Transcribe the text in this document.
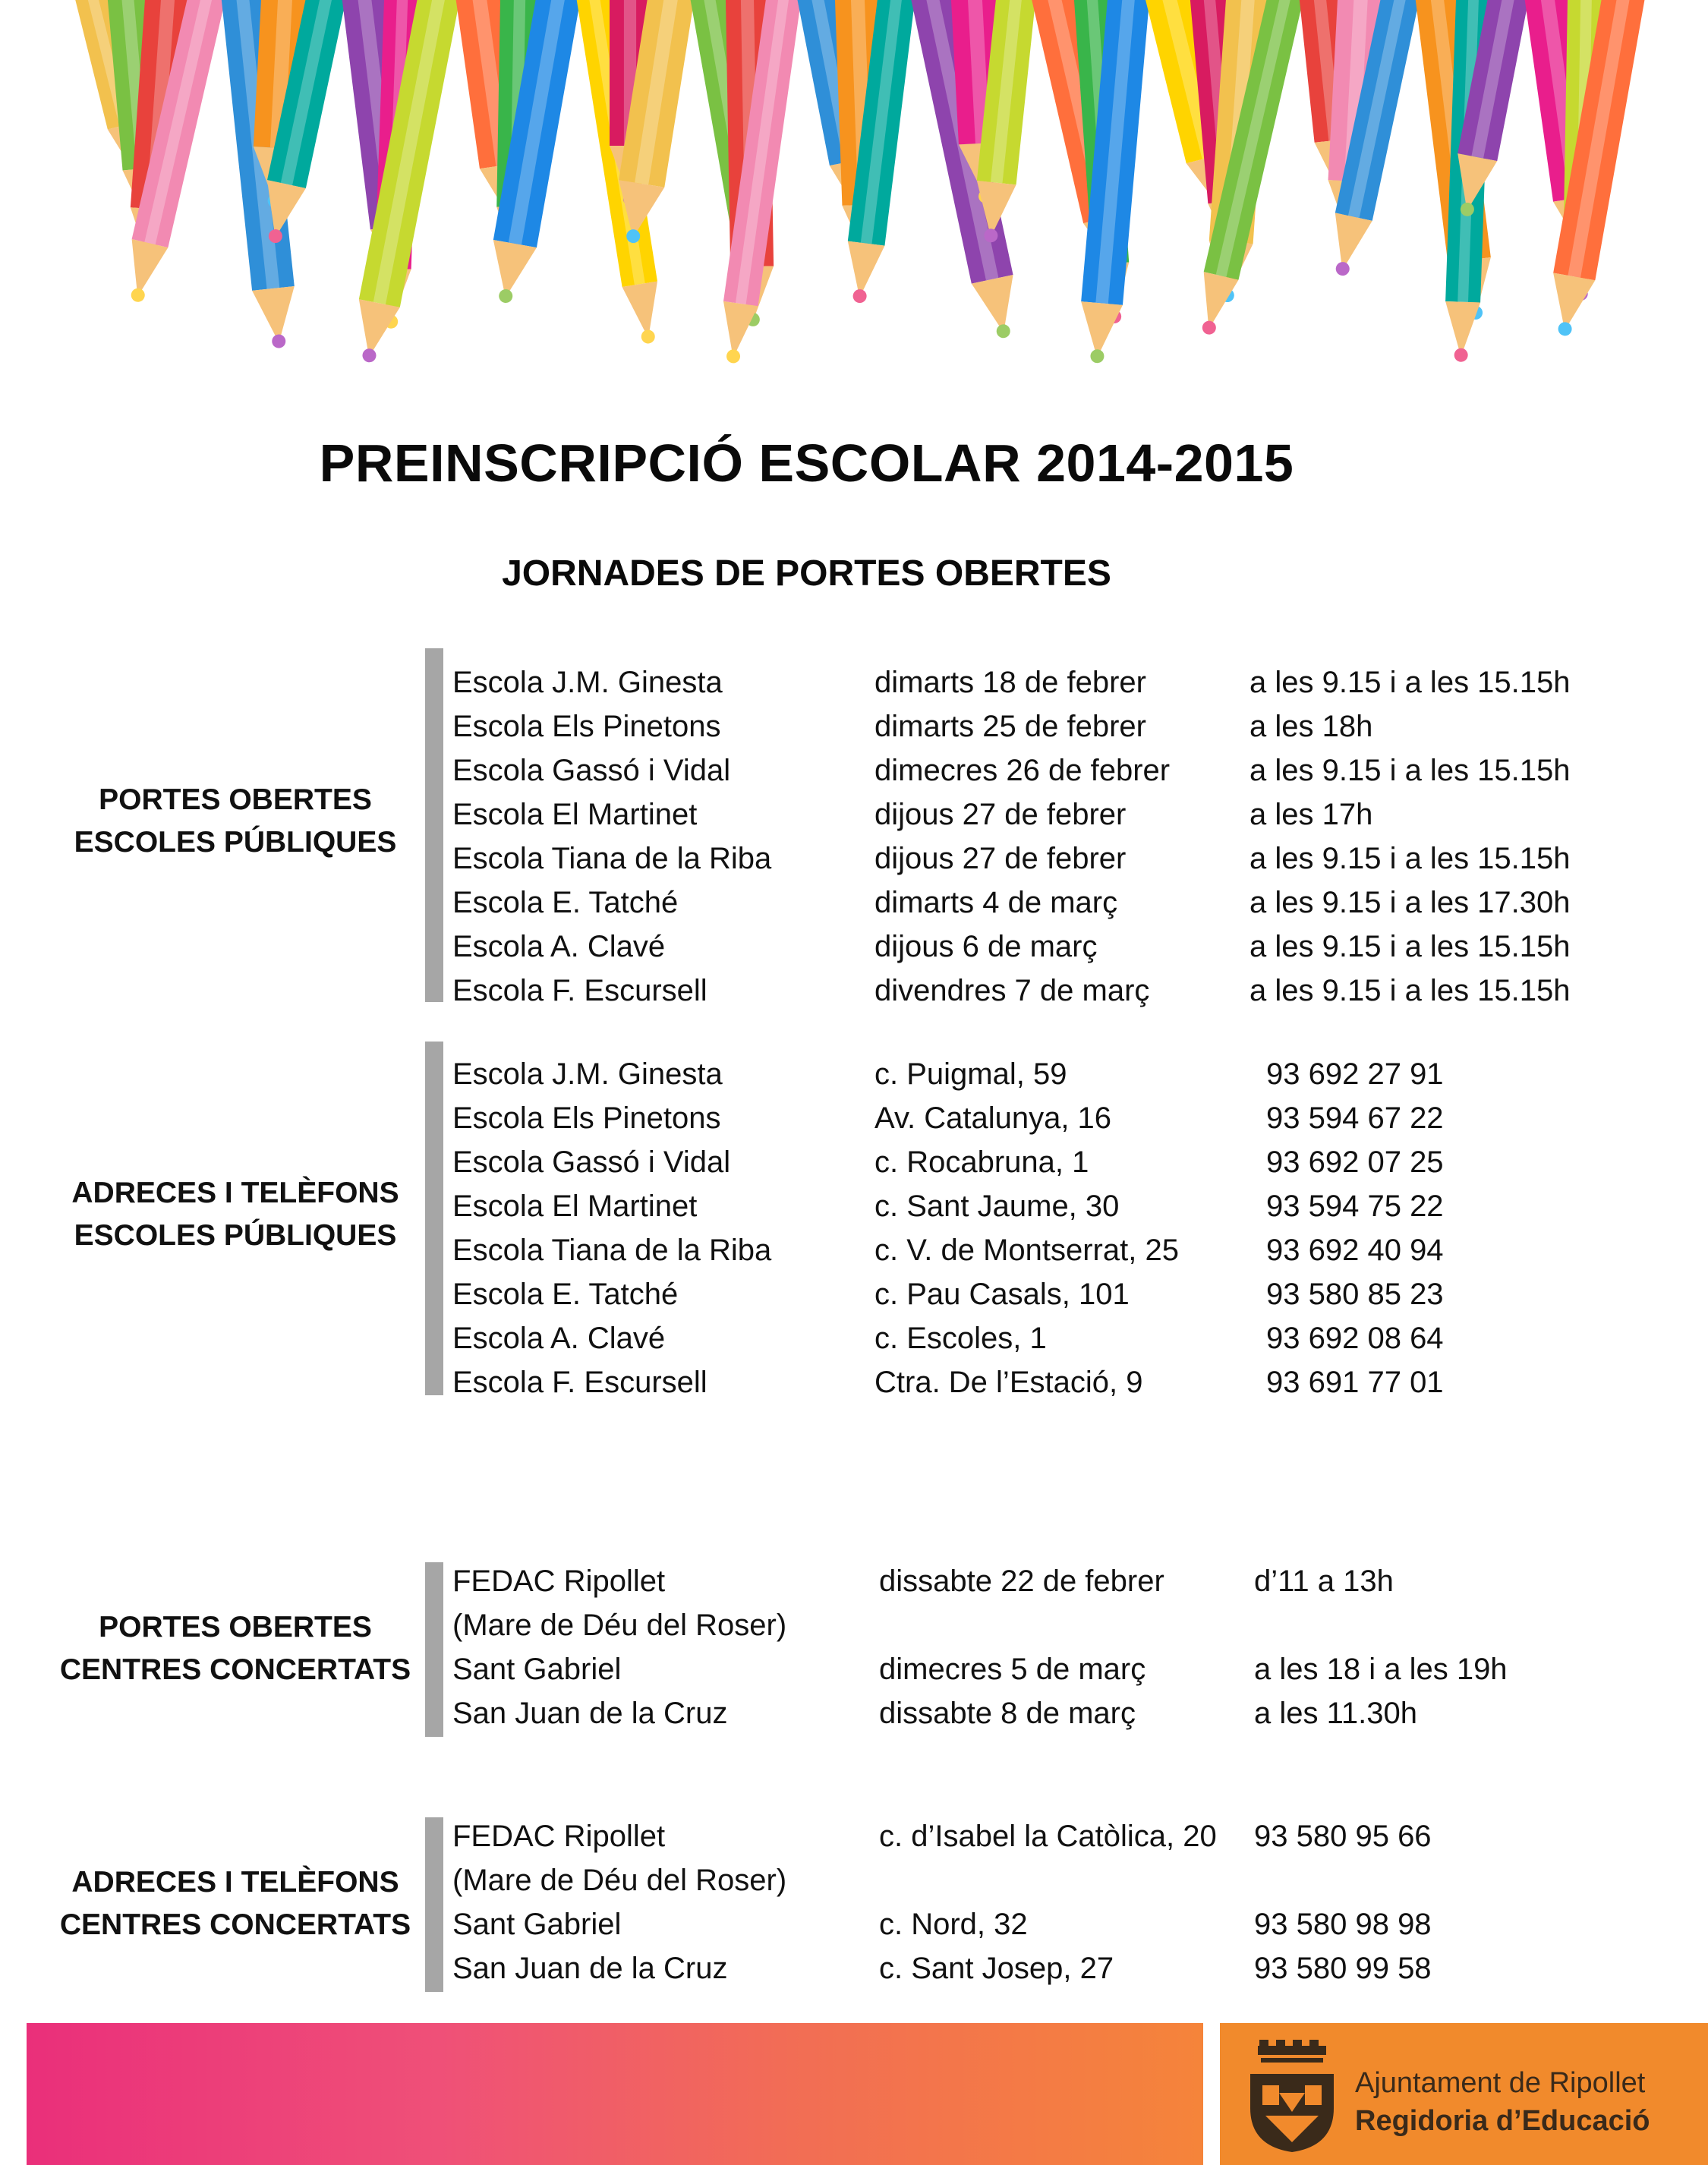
PREINSCRIPCIÓ ESCOLAR 2014-2015
JORNADES DE PORTES OBERTES
PORTES OBERTES
ESCOLES PÚBLIQUES
Escola J.M. Ginesta	dimarts 18 de febrer	a les 9.15 i a les 15.15h
Escola Els Pinetons	dimarts 25 de febrer	a les 18h
Escola Gassó i Vidal	dimecres 26 de febrer	a les 9.15 i a les 15.15h
Escola El Martinet	dijous 27 de febrer	a les 17h
Escola Tiana de la Riba	dijous 27 de febrer	a les 9.15 i a les 15.15h
Escola E. Tatché	dimarts 4 de març	a les 9.15 i a les 17.30h
Escola A. Clavé	dijous 6 de març	a les 9.15 i a les 15.15h
Escola F. Escursell	divendres 7 de març	a les 9.15 i a les 15.15h
ADRECES I TELÈFONS
ESCOLES PÚBLIQUES
Escola J.M. Ginesta	c. Puigmal, 59	93 692 27 91
Escola Els Pinetons	Av. Catalunya, 16	93 594 67 22
Escola Gassó i Vidal	c. Rocabruna, 1	93 692 07 25
Escola El Martinet	c. Sant Jaume, 30	93 594 75 22
Escola Tiana de la Riba	c. V. de Montserrat, 25	93 692 40 94
Escola E. Tatché	c. Pau Casals, 101	93 580 85 23
Escola A. Clavé	c. Escoles, 1	93 692 08 64
Escola F. Escursell	Ctra. De l’Estació, 9	93 691 77 01
PORTES OBERTES
CENTRES CONCERTATS
FEDAC Ripollet	dissabte 22 de febrer	d’11 a 13h
(Mare de Déu del Roser)
Sant Gabriel	dimecres 5 de març	a les 18 i a les 19h
San Juan de la Cruz	dissabte 8 de març	a les 11.30h
ADRECES I TELÈFONS
CENTRES CONCERTATS
FEDAC Ripollet	c. d’Isabel la Catòlica, 20 93 580 95 66
(Mare de Déu del Roser)
Sant Gabriel	c. Nord, 32	93 580 98 98
San Juan de la Cruz	c. Sant Josep, 27	93 580 99 58
Ajuntament de Ripollet
Regidoria d’Educació
